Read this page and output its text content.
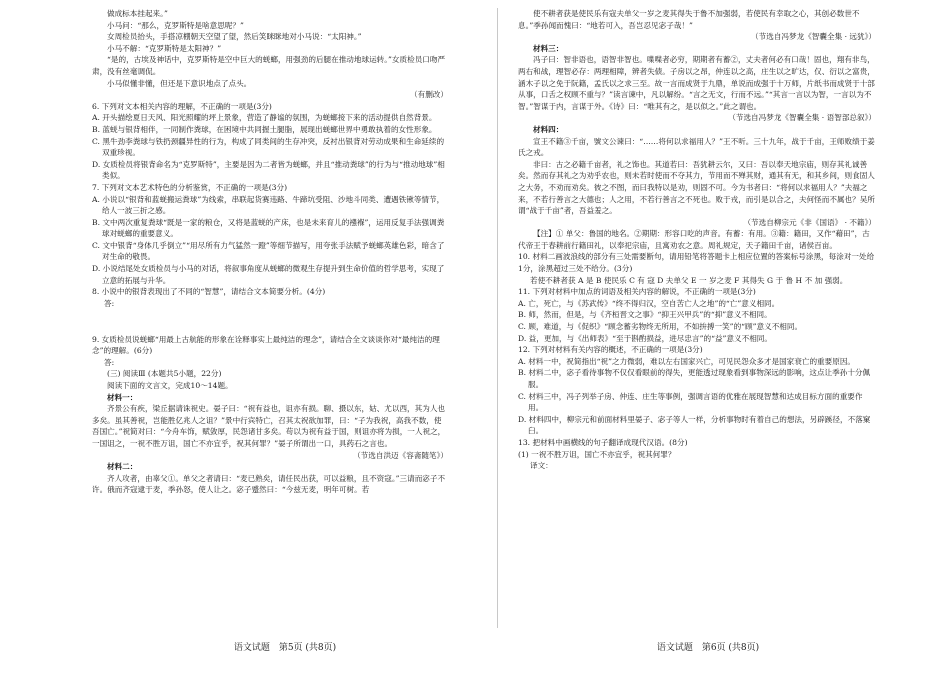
做成标本挂起来。”

小马问：“那么，克罗斯特是啥意思呢？”

女周检员抬头，手搭凉棚朝天空望了望，然后笑眯眯地对小马说：“太阳神。”

小马不解：“克罗斯特是太阳神？”

“是的，古埃及神话中，克罗斯特是空中巨大的蜣螂，用强劲的后腿在推动地球运转。”女质检员口吻严肃，没有丝毫调侃。

小马似懂非懂，但还是下意识地点了点头。

（有删改）

6. 下列对文本相关内容的理解，不正确的一项是(3分)

A. 开头描绘夏日天风、阳光照耀的坪上景象，营造了静谧的氛围，为蜣螂接下来的活动提供自然背景。

B. 蓝蜣与银背相伴，一同制作粪球，在困境中共同握土腿脂，展现出蜣螂世界中勇敢执着的女性形象。

C. 黑牛劲李粪球与铁扔颈疆异性的行为，构成了同类间的生存冲突，反衬出银背对劳动成果和生命延续的双重珍视。

D. 女质检员将银背命名为“克罗斯特”，主要是因为二者皆为蜣螂，并且“推动粪球”的行为与“推动地球”相类似。

7. 下列对文本艺术特色的分析鉴赏，不正确的一项是(3分)

A. 小说以“银背和蓝蜣搬运粪球”为线索，串联起货赛违路、牛蹄坑受阻、沙地斗同类、遭遇铁锹等情节，给人一波三折之感。

B. 文中两次重复粪球“既是一家的粮仓，又将是蓝蜣的产床，也是未来育儿的襁褓”，运用反复手法强调粪球对蜣螂的重要意义。

C. 文中银背“身体几乎倒立”“用尽所有力气猛然一蹬”等细节描写，用夸张手法赋予蜣螂英雄色彩，暗含了对生命的敬畏。

D. 小说结尾处女质检员与小马的对话，将叙事角度从蜣螂的微观生存提升到生命价值的哲学思考，实现了立意的拓展与升华。

8. 小说中的银背表现出了不同的“智慧”，请结合文本简要分析。(4分)

答:

9. 女质检员说蜣螂“用最上古航能的形象在诠释事实上最纯洁的理念”，请结合全文谈谈你对“最纯洁的理念”的理解。(6分)

答:

(三) 阅读Ⅲ (本题共5小题，22分)

阅读下面的文言文，完成10～14题。

材料一：

齐景公有疾，梁丘据请诛祝史。晏子曰：“祝有益也，诅亦有损。聊、摄以东，姑、尤以西，其为人也多矣。虽其善祝，岂能胜亿兆人之诅？”景中行宾特亡，召其太祝欲加罪，曰：“子为我祝，高我不数，使吾国亡。”祝简对曰：“今舟车饰，赋敛厚，民怨诸甘多矣。苟以为祝有益于国，则诅亦将为损，一人祝之，一国诅之，一祝不胜万诅，国亡不亦宜乎，祝其何罪？”晏子所谓出一口，具药石之言也。

（节选自洪迈《容斋随笔》）

材料二：

齐人攻者，由辜父①。单父之者请曰：“麦已熟矣，请任民出获，可以益粮，且不资寇。”三请而宓子不许。俄而齐寇逮于麦，季孙怒，使人让之。宓子蹙然曰：“今兹无麦，明年可树。若

使不耕者获是使民乐有寇夫单父一岁之麦其得失于鲁不加强弱，若使民有幸取之心，其创必数世不息。”季孙闻而愧曰：“地若可入，吾岂忍见宓子哉！”

（节选自冯梦龙《智囊全集 · 远犹》）

材料三：

冯子曰：智非语也，语智非智也。喋喋者必穷，期期者有蓄②，丈夫者何必有口哉！固也，翔有非鸟，两右和战，理智必存：两理相障，辨者失债。子房以之昂，仲连以之高，庄生以之旷达，仅、衍以之富贵，涵木子以之免于阮籍，孟氏以之求三至。故一言而成贤于九鼎，单说而成强于十万师，片纸书而成贤于十部从事，口舌之权顾不重与？”读言谏中，凡以解纷。“言之无文，行而不远。”“其言一言以为智，一言以为不智。”智谋于内，言谋于外。《诗》曰：“唯其有之，是以似之。”此之谓也。

（节选自冯梦龙《智囊全集 · 语智部总叙》）

材料四：

宣王不籍③千亩，號文公谏曰：“……将何以求福用人？”王不听。三十九年，战于千亩，王师败绩于姜氏之戎。

非曰：古之必籍千亩者，礼之饰也。其道若曰：吾犹耕云尔，又曰：吾以奉天地宗庙，则存其礼诚善矣。然而存其礼之为劝乎农也，则未若时使而不夺其力，节用而不殚其财，通其有无，和其乡间，则食固人之大务，不劝而劝矣。彼之不图，而曰我特以是劝，则固不可。今为书者曰：“将何以求福用人？”夫福之来，不若行善言之大德也；人之用，不若行善言之不死也。败于戎，而引是以合之，夫何怪而不属也？吴所谓“战于千亩”者，吾益羞之。

（节选自柳宗元《非《国语》 · 不籍》）

【注】① 单父：鲁国的地名。②期期：形容口吃的声音。有蓄：有用。③籍：籍田，又作“藉田”，古代帝王于春耕前行籍田礼，以奉祀宗庙，且寓劝农之意。周礼规定，天子籍田千亩，诸侯百亩。

10. 材料二画波浪线的部分有三处需要断句，请用铅笔将答题卡上相应位置的答案标号涂黑，每涂对一处给1分，涂黑超过三处不给分。(3分)

若使不耕者获 A 是 B 使民乐 C 有 寇 D 夫单父 E 一 岁之麦 F 其得失 G 于 鲁 H 不 加 强弱。

11. 下列对材料中加点的词语及相关内容的解说，不正确的一项是(3分)

A. 亡，死亡，与《苏武传》“终不得归汉，空自苦亡人之地”的“亡”意义相同。

B. 师，然而，但是，与《齐桓晋文之事》“抑王兴甲兵”的“抑”意义不相同。

C. 顾，难道，与《促织》“顾念蓄劣物终无所用，不如拚搏一笑”的“顾”意义不相同。

D. 益，更加，与《出师表》“至于斟酌损益，进尽忠言”的“益”意义不相同。

12. 下列对材料有关内容的概述，不正确的一项是(3分)

A. 材料一中，祝简指出“祝”之力微弱，难以左右国家兴亡，可见民怨众多才是国家衰亡的重要原因。

B. 材料二中，宓子看待事物不仅仅看眼前的得失，更能透过现象看到事物深远的影响，这点让季孙十分佩服。

C. 材料三中，冯子列举子房、仲连、庄生等事例，强调言语的优雅在展现智慧和达成目标方面的重要作用。

D. 材料四中，柳宗元和前面材料里晏子、宓子等人一样，分析事物时有着自己的想法，另辟蹊径，不落窠臼。

13. 把材料中画横线的句子翻译成现代汉语。(8分)

(1) 一祝不胜万诅，国亡不亦宜乎，祝其何罪？

译文：

语文试题　第5页 (共8页)	语文试题　第6页 (共8页)
